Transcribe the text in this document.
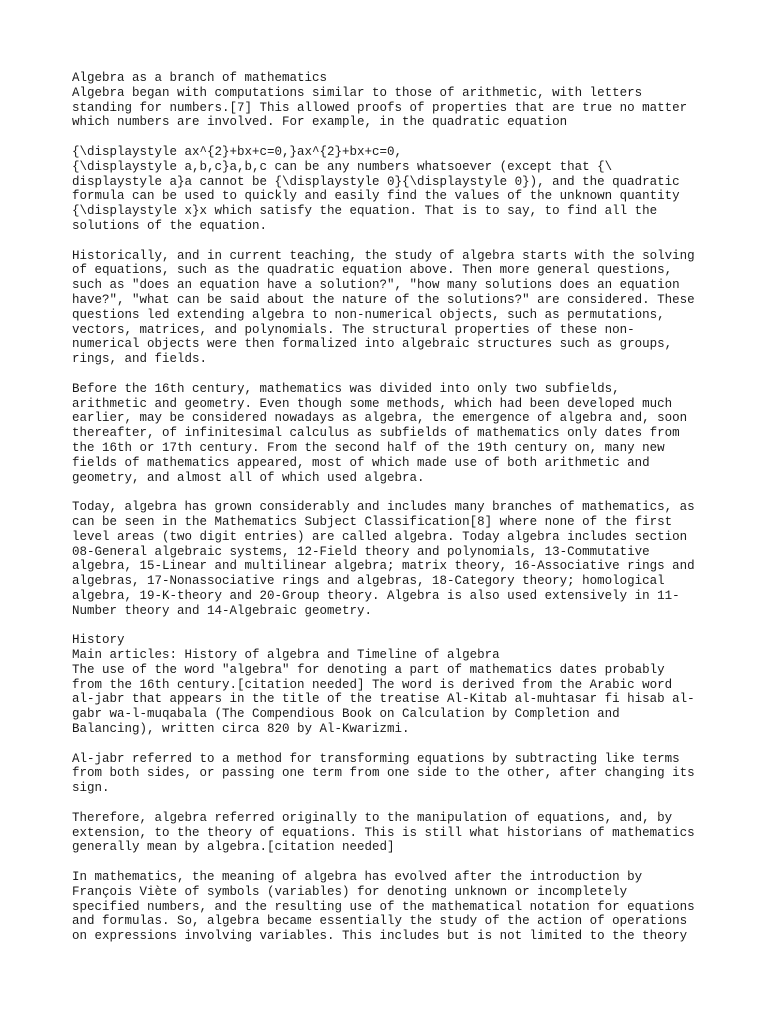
Algebra as a branch of mathematics
Algebra began with computations similar to those of arithmetic, with letters
standing for numbers.[7] This allowed proofs of properties that are true no matter
which numbers are involved. For example, in the quadratic equation
{\displaystyle ax^{2}+bx+c=0,}ax^{2}+bx+c=0,
{\displaystyle a,b,c}a,b,c can be any numbers whatsoever (except that {\
displaystyle a}a cannot be {\displaystyle 0}{\displaystyle 0}), and the quadratic
formula can be used to quickly and easily find the values of the unknown quantity
{\displaystyle x}x which satisfy the equation. That is to say, to find all the
solutions of the equation.
Historically, and in current teaching, the study of algebra starts with the solving
of equations, such as the quadratic equation above. Then more general questions,
such as "does an equation have a solution?", "how many solutions does an equation
have?", "what can be said about the nature of the solutions?" are considered. These
questions led extending algebra to non-numerical objects, such as permutations,
vectors, matrices, and polynomials. The structural properties of these non-
numerical objects were then formalized into algebraic structures such as groups,
rings, and fields.
Before the 16th century, mathematics was divided into only two subfields,
arithmetic and geometry. Even though some methods, which had been developed much
earlier, may be considered nowadays as algebra, the emergence of algebra and, soon
thereafter, of infinitesimal calculus as subfields of mathematics only dates from
the 16th or 17th century. From the second half of the 19th century on, many new
fields of mathematics appeared, most of which made use of both arithmetic and
geometry, and almost all of which used algebra.
Today, algebra has grown considerably and includes many branches of mathematics, as
can be seen in the Mathematics Subject Classification[8] where none of the first
level areas (two digit entries) are called algebra. Today algebra includes section
08-General algebraic systems, 12-Field theory and polynomials, 13-Commutative
algebra, 15-Linear and multilinear algebra; matrix theory, 16-Associative rings and
algebras, 17-Nonassociative rings and algebras, 18-Category theory; homological
algebra, 19-K-theory and 20-Group theory. Algebra is also used extensively in 11-
Number theory and 14-Algebraic geometry.
History
Main articles: History of algebra and Timeline of algebra
The use of the word "algebra" for denoting a part of mathematics dates probably
from the 16th century.[citation needed] The word is derived from the Arabic word
al-jabr that appears in the title of the treatise Al-Kitab al-muhtasar fi hisab al-
gabr wa-l-muqabala (The Compendious Book on Calculation by Completion and
Balancing), written circa 820 by Al-Kwarizmi.
Al-jabr referred to a method for transforming equations by subtracting like terms
from both sides, or passing one term from one side to the other, after changing its
sign.
Therefore, algebra referred originally to the manipulation of equations, and, by
extension, to the theory of equations. This is still what historians of mathematics
generally mean by algebra.[citation needed]
In mathematics, the meaning of algebra has evolved after the introduction by
François Viète of symbols (variables) for denoting unknown or incompletely
specified numbers, and the resulting use of the mathematical notation for equations
and formulas. So, algebra became essentially the study of the action of operations
on expressions involving variables. This includes but is not limited to the theory
